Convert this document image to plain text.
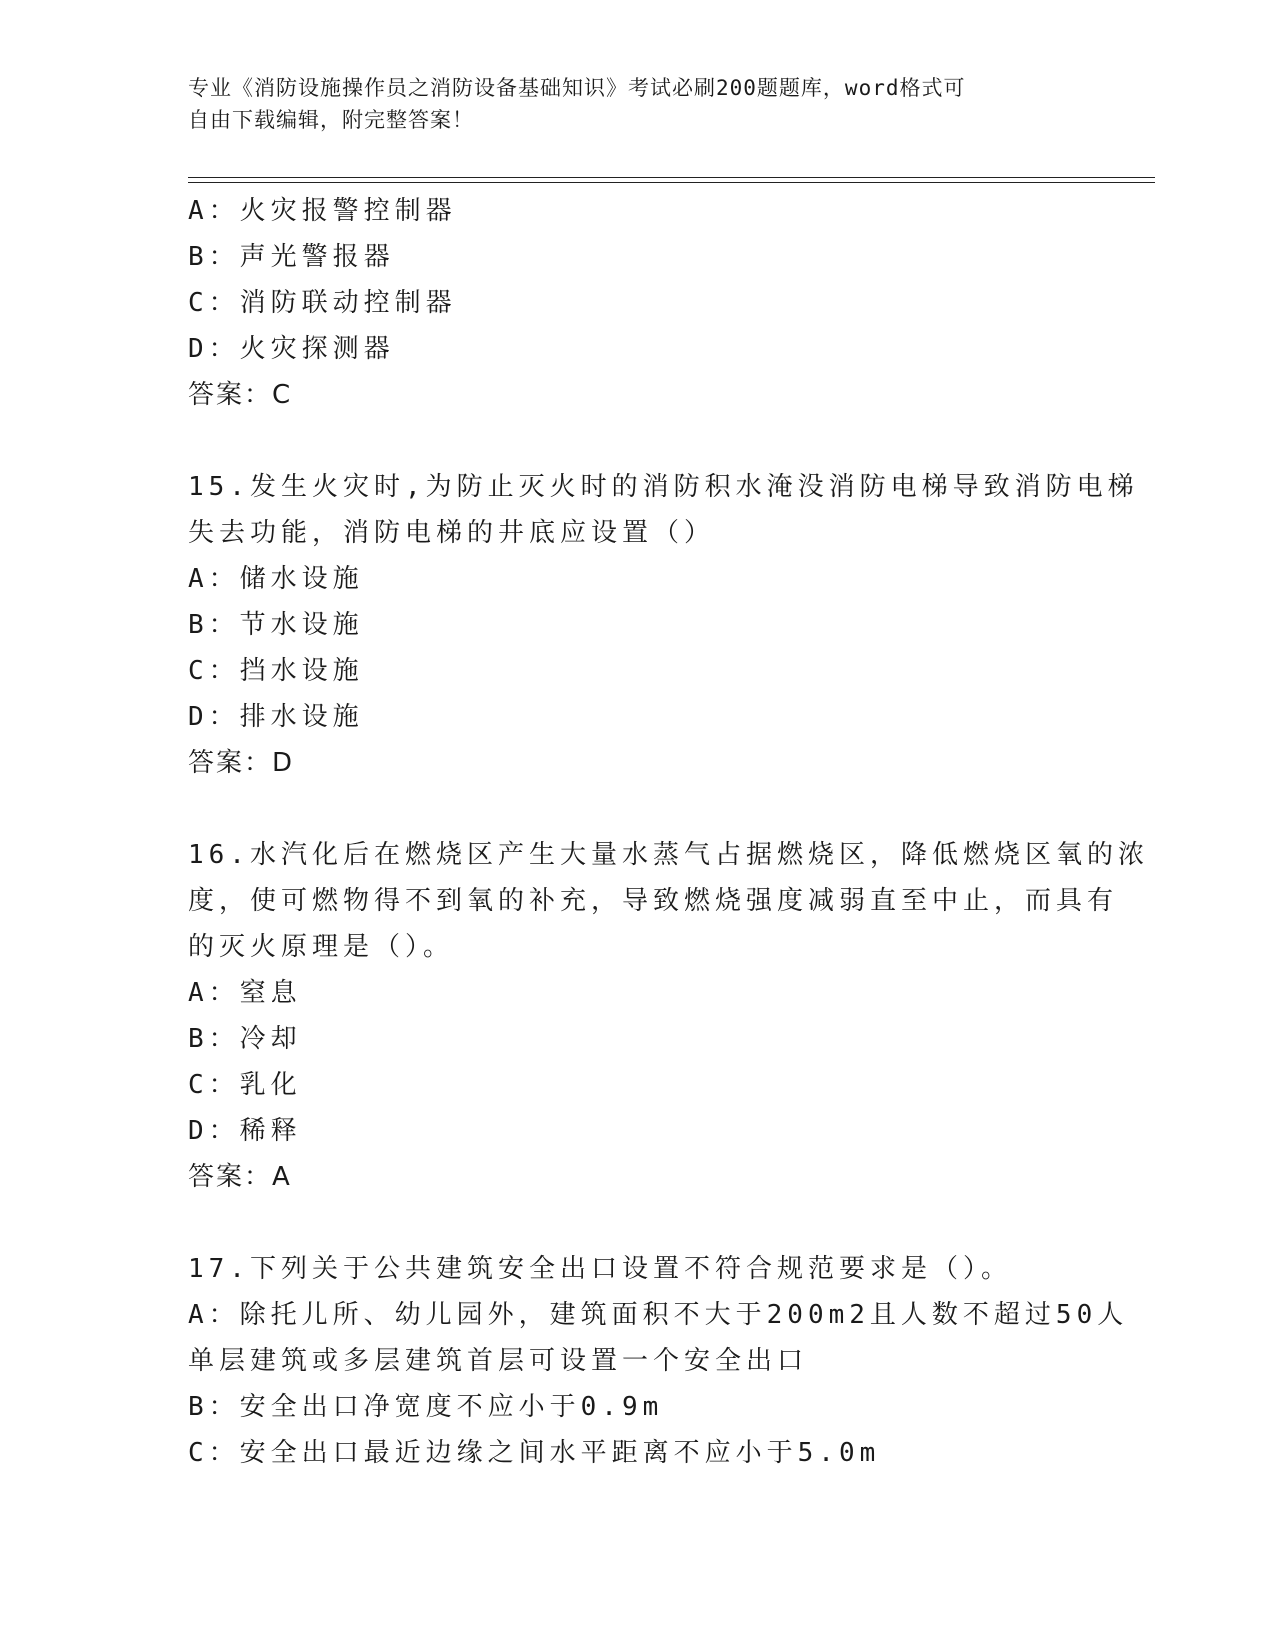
专业《消防设施操作员之消防设备基础知识》考试必刷200题题库，word格式可
自由下载编辑，附完整答案！
A：火灾报警控制器
B：声光警报器
C：消防联动控制器
D：火灾探测器
答案：C
15.发生火灾时,为防止灭火时的消防积水淹没消防电梯导致消防电梯
失去功能，消防电梯的井底应设置（）
A：储水设施
B：节水设施
C：挡水设施
D：排水设施
答案：D
16.水汽化后在燃烧区产生大量水蒸气占据燃烧区，降低燃烧区氧的浓
度，使可燃物得不到氧的补充，导致燃烧强度减弱直至中止，而具有
的灭火原理是（）。
A：窒息
B：冷却
C：乳化
D：稀释
答案：A
17.下列关于公共建筑安全出口设置不符合规范要求是（）。
A：除托儿所、幼儿园外，建筑面积不大于200m2且人数不超过50人
单层建筑或多层建筑首层可设置一个安全出口
B：安全出口净宽度不应小于0.9m
C：安全出口最近边缘之间水平距离不应小于5.0m
